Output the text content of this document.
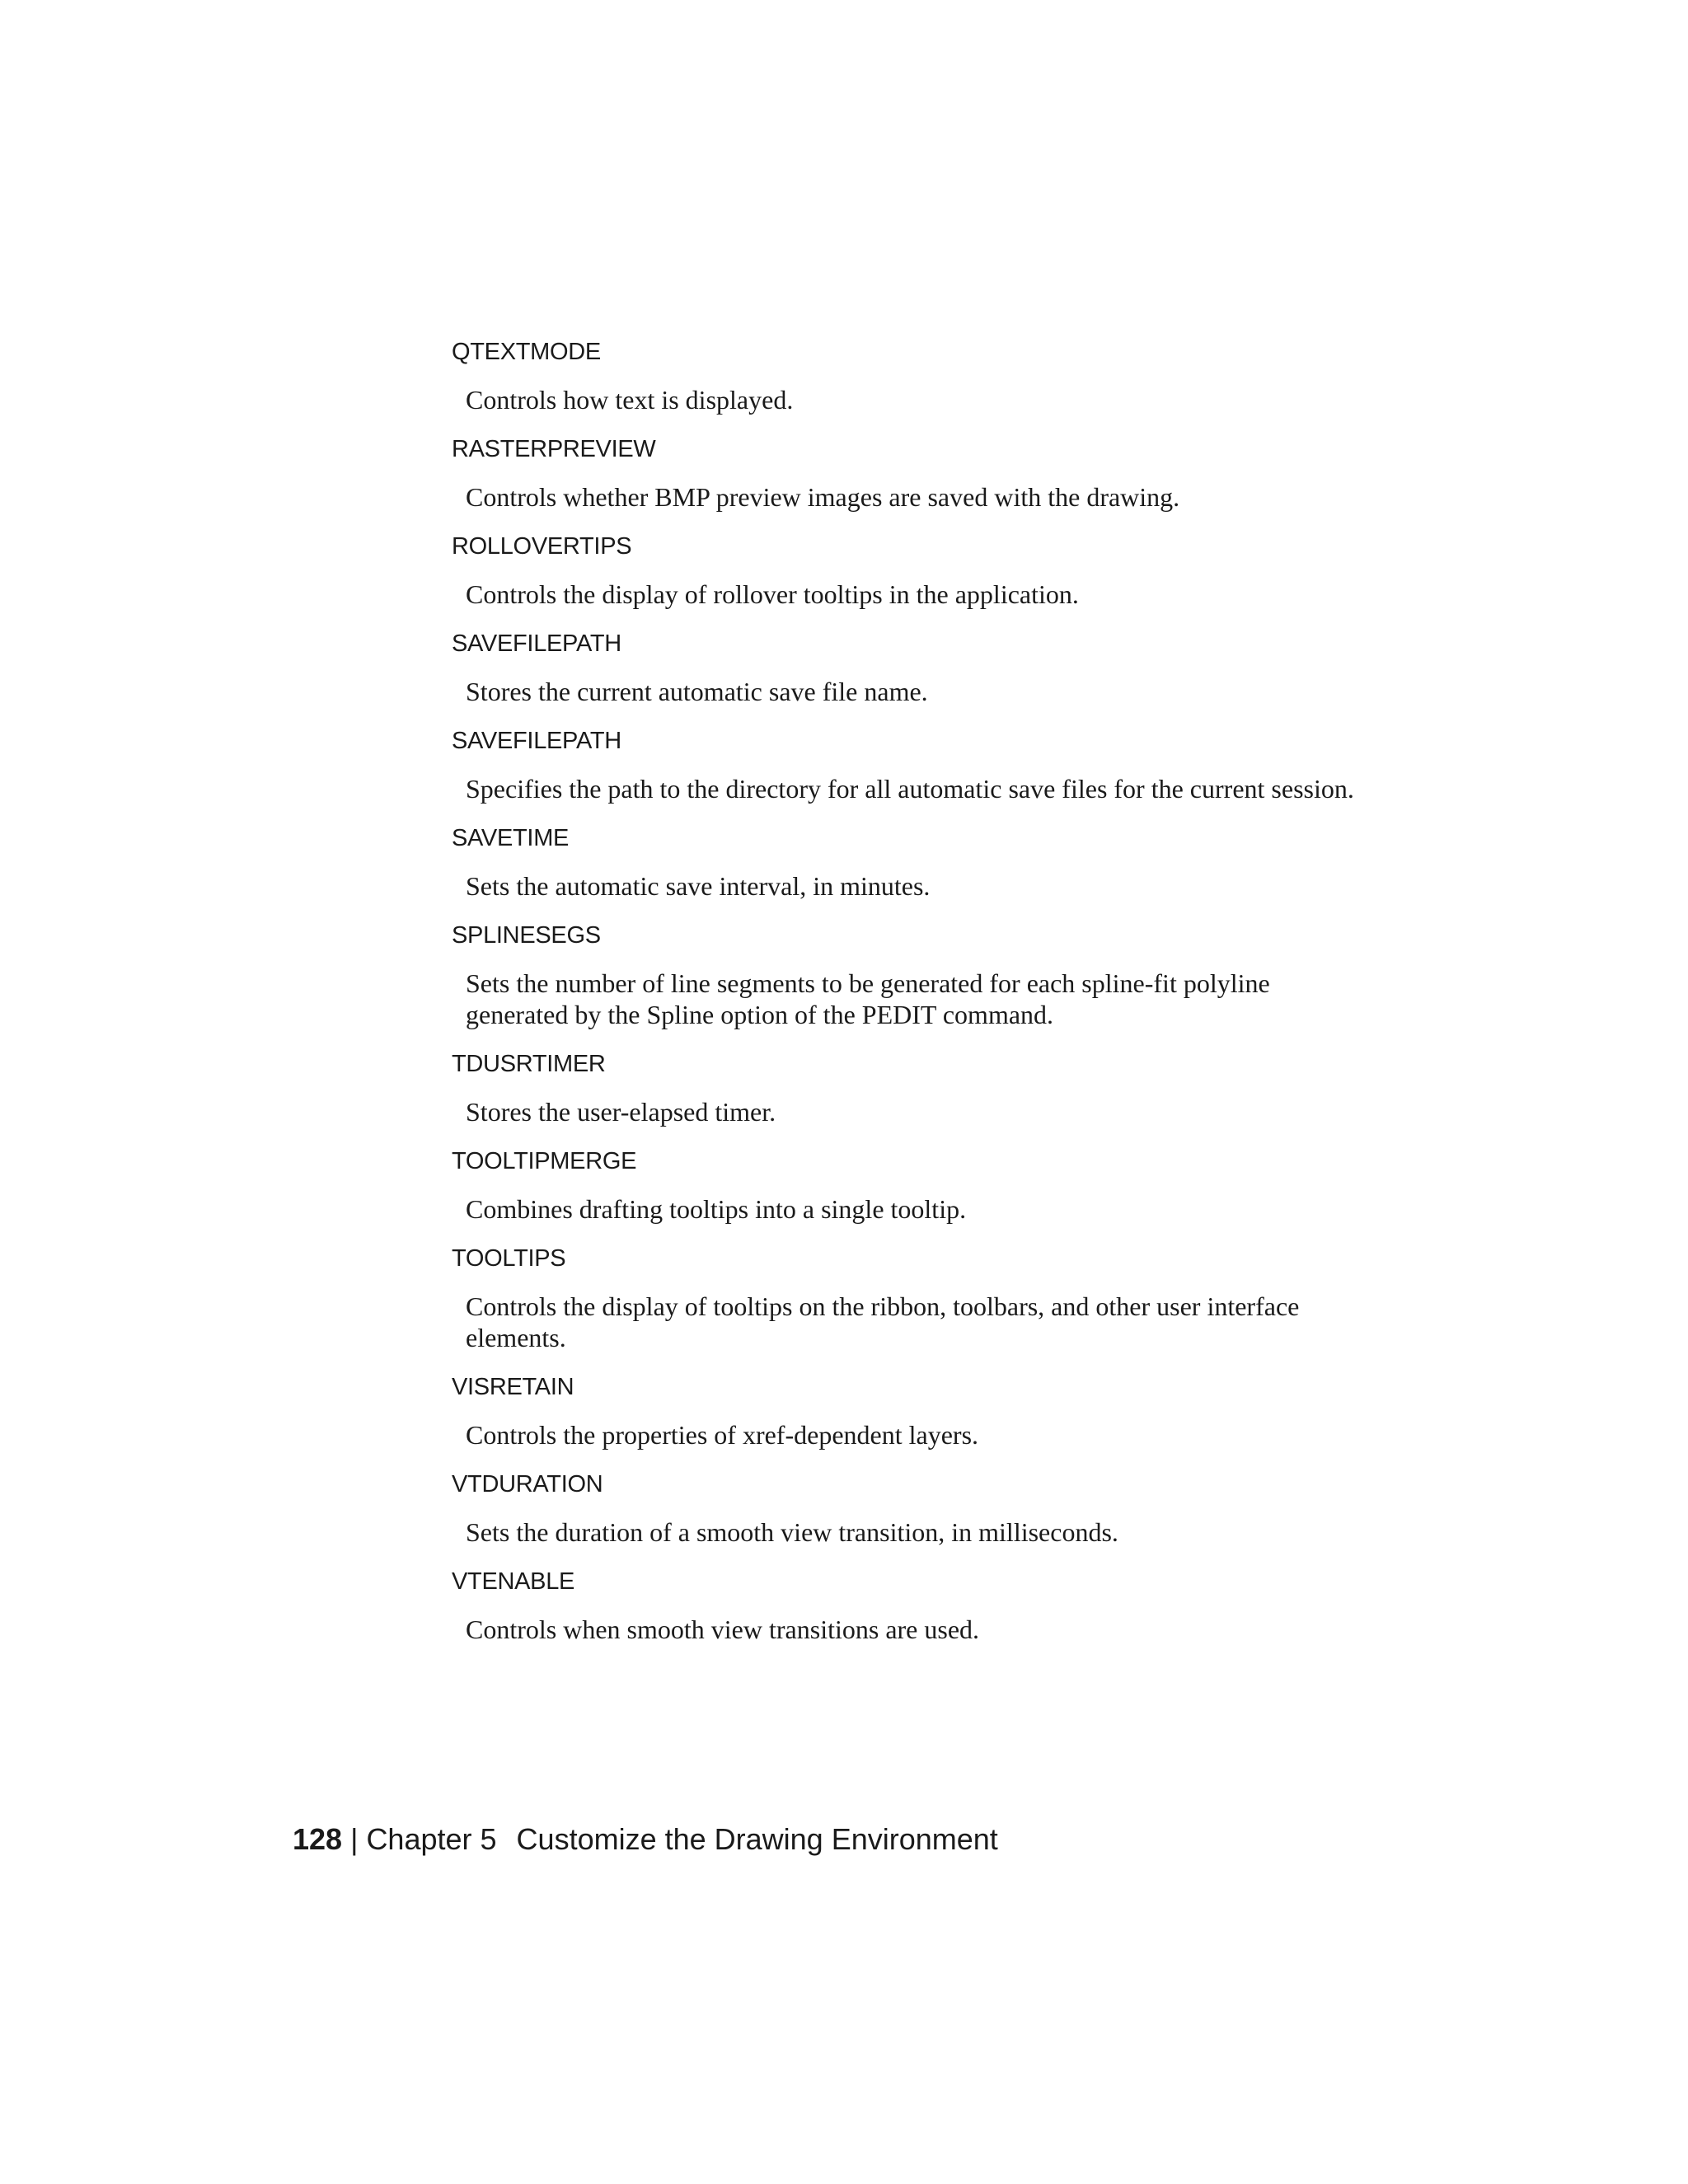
QTEXTMODE
Controls how text is displayed.
RASTERPREVIEW
Controls whether BMP preview images are saved with the drawing.
ROLLOVERTIPS
Controls the display of rollover tooltips in the application.
SAVEFILEPATH
Stores the current automatic save file name.
SAVEFILEPATH
Specifies the path to the directory for all automatic save files for the current session.
SAVETIME
Sets the automatic save interval, in minutes.
SPLINESEGS
Sets the number of line segments to be generated for each spline-fit polyline generated by the Spline option of the PEDIT command.
TDUSRTIMER
Stores the user-elapsed timer.
TOOLTIPMERGE
Combines drafting tooltips into a single tooltip.
TOOLTIPS
Controls the display of tooltips on the ribbon, toolbars, and other user interface elements.
VISRETAIN
Controls the properties of xref-dependent layers.
VTDURATION
Sets the duration of a smooth view transition, in milliseconds.
VTENABLE
Controls when smooth view transitions are used.
128 | Chapter 5 Customize the Drawing Environment
